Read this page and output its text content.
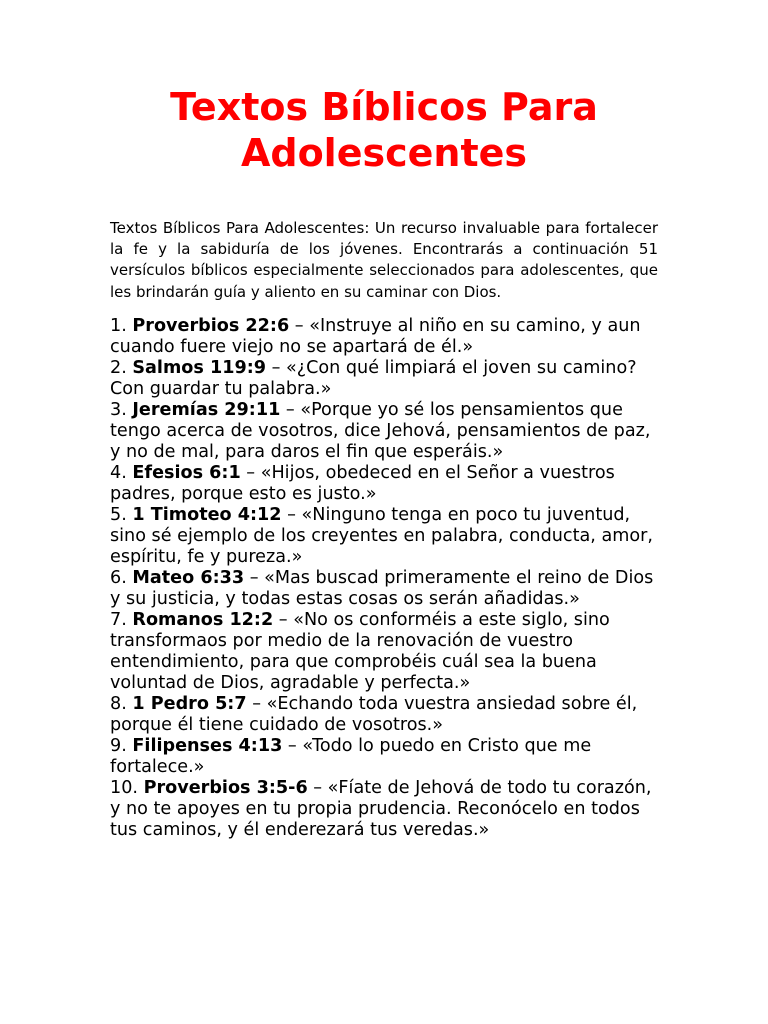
Textos Bíblicos Para Adolescentes

Textos Bíblicos Para Adolescentes: Un recurso invaluable para fortalecer la fe y la sabiduría de los jóvenes. Encontrarás a continuación 51 versículos bíblicos especialmente seleccionados para adolescentes, que les brindarán guía y aliento en su caminar con Dios.

1. Proverbios 22:6 – «Instruye al niño en su camino, y aun cuando fuere viejo no se apartará de él.»
2. Salmos 119:9 – «¿Con qué limpiará el joven su camino? Con guardar tu palabra.»
3. Jeremías 29:11 – «Porque yo sé los pensamientos que tengo acerca de vosotros, dice Jehová, pensamientos de paz, y no de mal, para daros el fin que esperáis.»
4. Efesios 6:1 – «Hijos, obedeced en el Señor a vuestros padres, porque esto es justo.»
5. 1 Timoteo 4:12 – «Ninguno tenga en poco tu juventud, sino sé ejemplo de los creyentes en palabra, conducta, amor, espíritu, fe y pureza.»
6. Mateo 6:33 – «Mas buscad primeramente el reino de Dios y su justicia, y todas estas cosas os serán añadidas.»
7. Romanos 12:2 – «No os conforméis a este siglo, sino transformaos por medio de la renovación de vuestro entendimiento, para que comprobéis cuál sea la buena voluntad de Dios, agradable y perfecta.»
8. 1 Pedro 5:7 – «Echando toda vuestra ansiedad sobre él, porque él tiene cuidado de vosotros.»
9. Filipenses 4:13 – «Todo lo puedo en Cristo que me fortalece.»
10. Proverbios 3:5-6 – «Fíate de Jehová de todo tu corazón, y no te apoyes en tu propia prudencia. Reconócelo en todos tus caminos, y él enderezará tus veredas.»
